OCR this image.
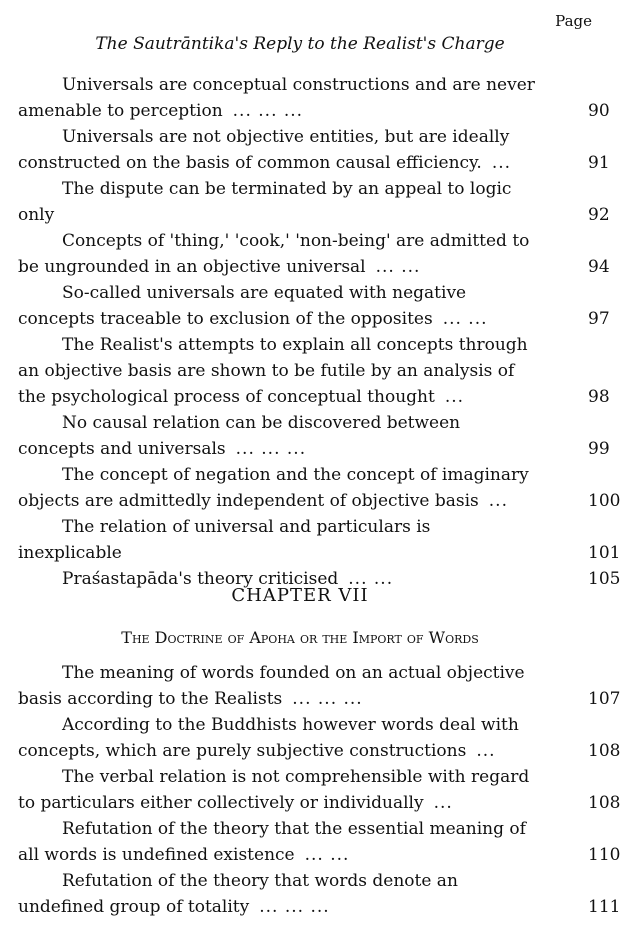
Page
The Sautrāntika's Reply to the Realist's Charge
Universals are conceptual constructions and are never amenable to perception ... ... ...	90
Universals are not objective entities, but are ideally constructed on the basis of common causal efficiency. ...	91
The dispute can be terminated by an appeal to logic only	92
Concepts of 'thing,' 'cook,' 'non-being' are admitted to be ungrounded in an objective universal ... ...	94
So-called universals are equated with negative concepts traceable to exclusion of the opposites ... ...	97
The Realist's attempts to explain all concepts through an objective basis are shown to be futile by an analysis of the psychological process of conceptual thought ...	98
No causal relation can be discovered between concepts and universals ... ... ...	99
The concept of negation and the concept of imaginary objects are admittedly independent of objective basis ...	100
The relation of universal and particulars is inexplicable	101
Praśastapāda's theory criticised ... ...	105
CHAPTER VII
The Doctrine of Apoha or the Import of Words
The meaning of words founded on an actual objective basis according to the Realists ... ... ...	107
According to the Buddhists however words deal with concepts, which are purely subjective constructions ...	108
The verbal relation is not comprehensible with regard to particulars either collectively or individually ...	108
Refutation of the theory that the essential meaning of all words is undefined existence ... ...	110
Refutation of the theory that words denote an undefined group of totality ... ... ...	111
